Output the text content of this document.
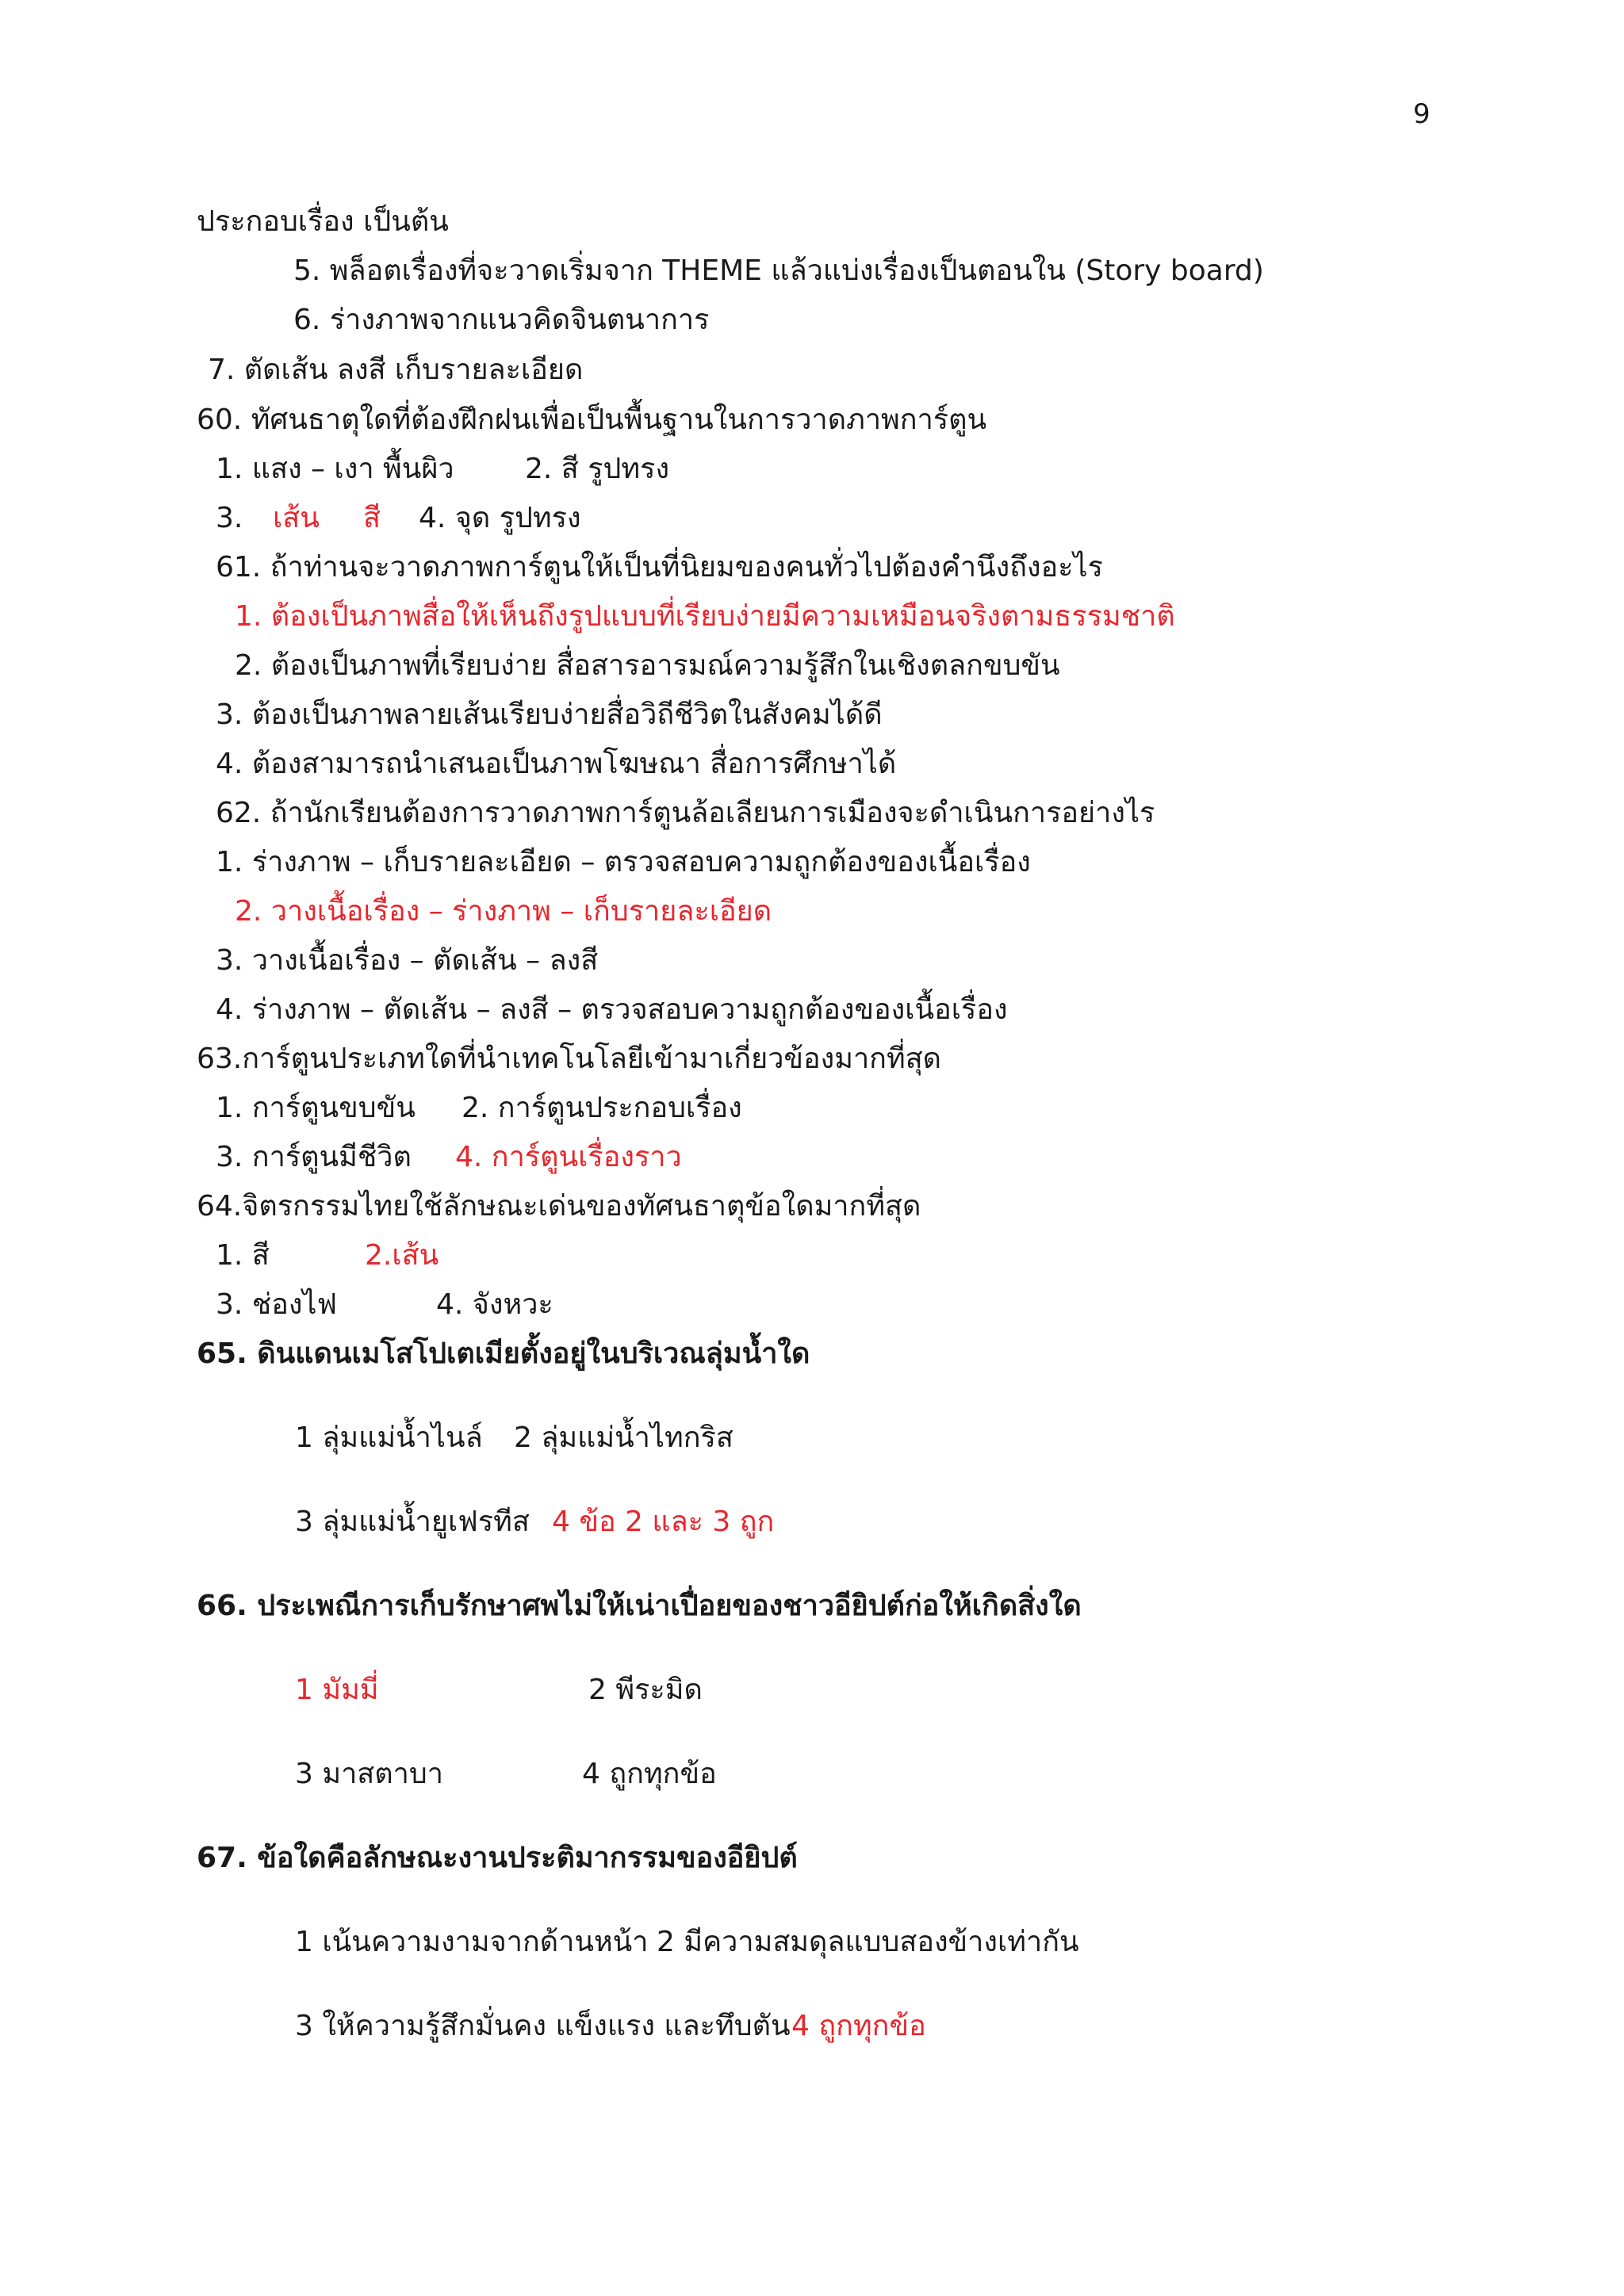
9
ประกอบเรื่อง เป็นต้น
5. พล็อตเรื่องที่จะวาดเริ่มจาก THEME แล้วแบ่งเรื่องเป็นตอนใน (Story board)
6. ร่างภาพจากแนวคิดจินตนาการ
7. ตัดเส้น ลงสี เก็บรายละเอียด
60. ทัศนธาตุใดที่ต้องฝึกฝนเพื่อเป็นพื้นฐานในการวาดภาพการ์ตูน
1. แสง – เงา พื้นผิว 2. สี รูปทรง
3. เส้น สี 4. จุด รูปทรง
61. ถ้าท่านจะวาดภาพการ์ตูนให้เป็นที่นิยมของคนทั่วไปต้องคำนึงถึงอะไร
1. ต้องเป็นภาพสื่อให้เห็นถึงรูปแบบที่เรียบง่ายมีความเหมือนจริงตามธรรมชาติ
2. ต้องเป็นภาพที่เรียบง่าย สื่อสารอารมณ์ความรู้สึกในเชิงตลกขบขัน
3. ต้องเป็นภาพลายเส้นเรียบง่ายสื่อวิถีชีวิตในสังคมได้ดี
4. ต้องสามารถนำเสนอเป็นภาพโฆษณา สื่อการศึกษาได้
62. ถ้านักเรียนต้องการวาดภาพการ์ตูนล้อเลียนการเมืองจะดำเนินการอย่างไร
1. ร่างภาพ – เก็บรายละเอียด – ตรวจสอบความถูกต้องของเนื้อเรื่อง
2. วางเนื้อเรื่อง – ร่างภาพ – เก็บรายละเอียด
3. วางเนื้อเรื่อง – ตัดเส้น – ลงสี
4. ร่างภาพ – ตัดเส้น – ลงสี – ตรวจสอบความถูกต้องของเนื้อเรื่อง
63.การ์ตูนประเภทใดที่นำเทคโนโลยีเข้ามาเกี่ยวข้องมากที่สุด
1. การ์ตูนขบขัน 2. การ์ตูนประกอบเรื่อง
3. การ์ตูนมีชีวิต 4. การ์ตูนเรื่องราว
64.จิตรกรรมไทยใช้ลักษณะเด่นของทัศนธาตุข้อใดมากที่สุด
1. สี	2.เส้น
3. ช่องไฟ	4. จังหวะ
65. ดินแดนเมโสโปเตเมียตั้งอยู่ในบริเวณลุ่มน้ำใด
1 ลุ่มแม่น้ำไนล์ 2 ลุ่มแม่น้ำไทกริส
3 ลุ่มแม่น้ำยูเฟรทีส 4 ข้อ 2 และ 3 ถูก
66. ประเพณีการเก็บรักษาศพไม่ให้เน่าเปื่อยของชาวอียิปต์ก่อให้เกิดสิ่งใด
1 มัมมี่	2 พีระมิด
3 มาสตาบา	4 ถูกทุกข้อ
67. ข้อใดคือลักษณะงานประติมากรรมของอียิปต์
1 เน้นความงามจากด้านหน้า 2 มีความสมดุลแบบสองข้างเท่ากัน
3 ให้ความรู้สึกมั่นคง แข็งแรง และทึบตัน 4 ถูกทุกข้อ
